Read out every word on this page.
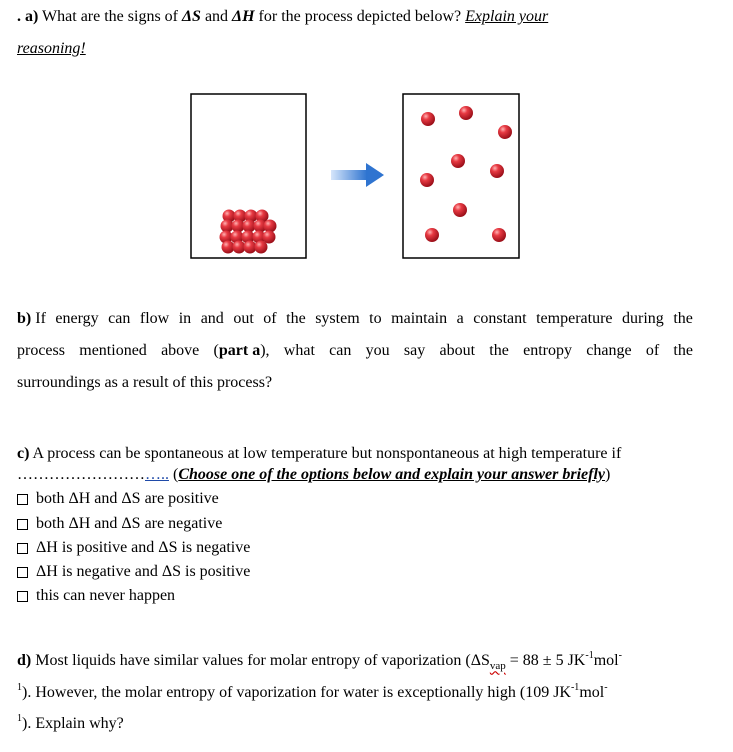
. a) What are the signs of ΔS and ΔH for the process depicted below? Explain your
reasoning!
b) If energy can flow in and out of the system to maintain a constant temperature during the
process mentioned above (part a), what can you say about the entropy change of the
surroundings as a result of this process?
c) A process can be spontaneous at low temperature but nonspontaneous at high temperature if
……………………….. (Choose one of the options below and explain your answer briefly)
both ΔH and ΔS are positive
both ΔH and ΔS are negative
ΔH is positive and ΔS is negative
ΔH is negative and ΔS is positive
this can never happen
d) Most liquids have similar values for molar entropy of vaporization ($\Delta S_{vap} = 88 \pm 5$ $JK^{-1}mol^-$
$^1$). However, the molar entropy of vaporization for water is exceptionally high (109 $JK^{-1}mol^-$
$^1$). Explain why?
